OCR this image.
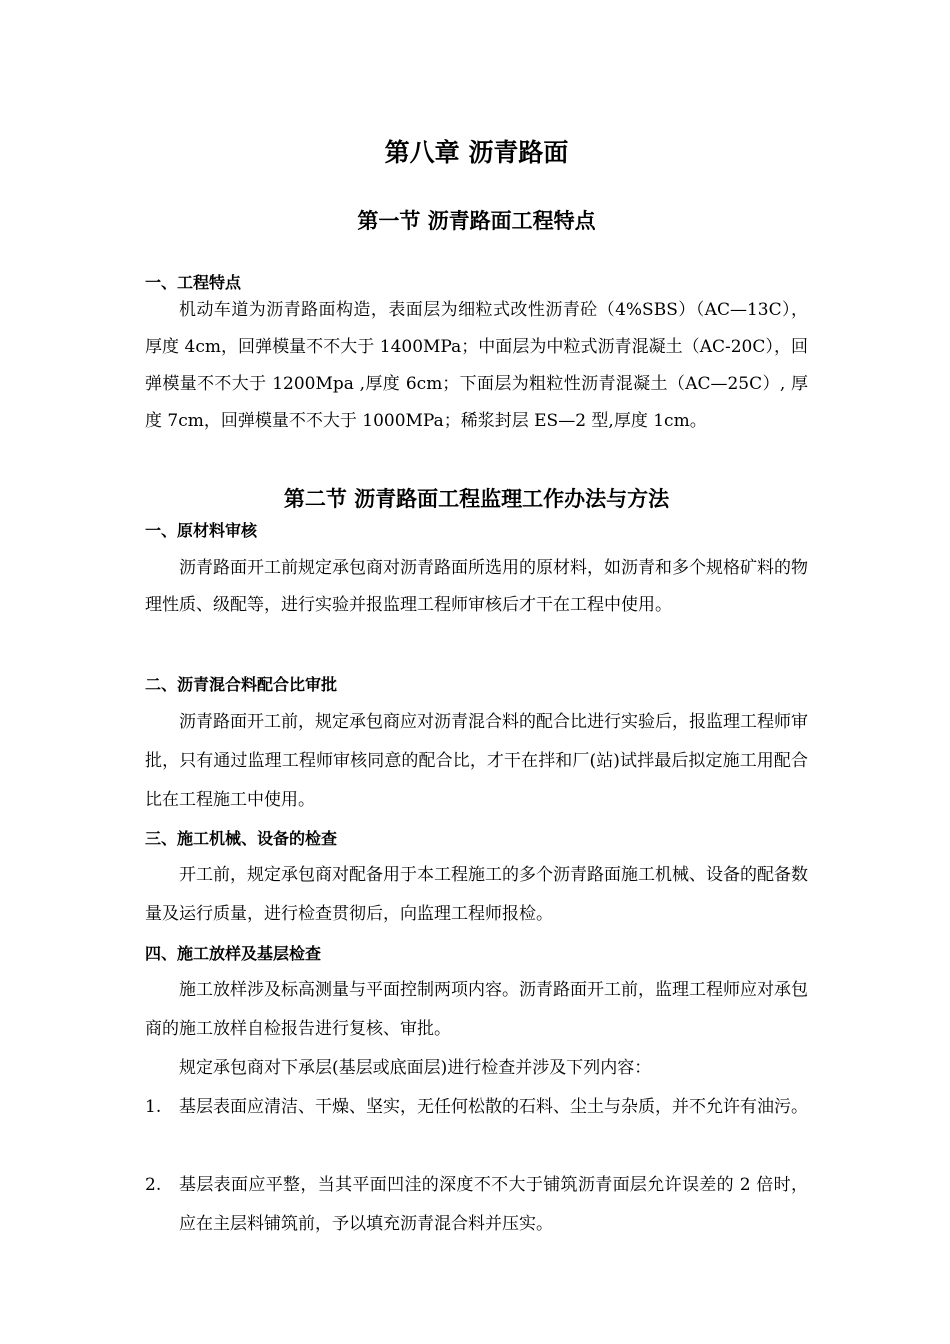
第八章 沥青路面
第一节 沥青路面工程特点
一、工程特点
机动车道为沥青路面构造，表面层为细粒式改性沥青砼（4%SBS）（AC—13C），厚度 4cm，回弹模量不不大于 1400MPa；中面层为中粒式沥青混凝土（AC-20C），回弹模量不不大于 1200Mpa ,厚度 6cm；下面层为粗粒性沥青混凝土（AC—25C）, 厚度 7cm，回弹模量不不大于 1000MPa；稀浆封层 ES—2 型,厚度 1cm。
第二节 沥青路面工程监理工作办法与方法
一、原材料审核
沥青路面开工前规定承包商对沥青路面所选用的原材料，如沥青和多个规格矿料的物理性质、级配等，进行实验并报监理工程师审核后才干在工程中使用。
二、沥青混合料配合比审批
沥青路面开工前，规定承包商应对沥青混合料的配合比进行实验后，报监理工程师审批，只有通过监理工程师审核同意的配合比，才干在拌和厂(站)试拌最后拟定施工用配合比在工程施工中使用。
三、施工机械、设备的检查
开工前，规定承包商对配备用于本工程施工的多个沥青路面施工机械、设备的配备数量及运行质量，进行检查贯彻后，向监理工程师报检。
四、施工放样及基层检查
施工放样涉及标高测量与平面控制两项内容。沥青路面开工前，监理工程师应对承包商的施工放样自检报告进行复核、审批。
规定承包商对下承层(基层或底面层)进行检查并涉及下列内容：
1. 基层表面应清洁、干燥、坚实，无任何松散的石料、尘土与杂质，并不允许有油污。
2. 基层表面应平整，当其平面凹洼的深度不不大于铺筑沥青面层允许误差的 2 倍时，应在主层料铺筑前，予以填充沥青混合料并压实。
